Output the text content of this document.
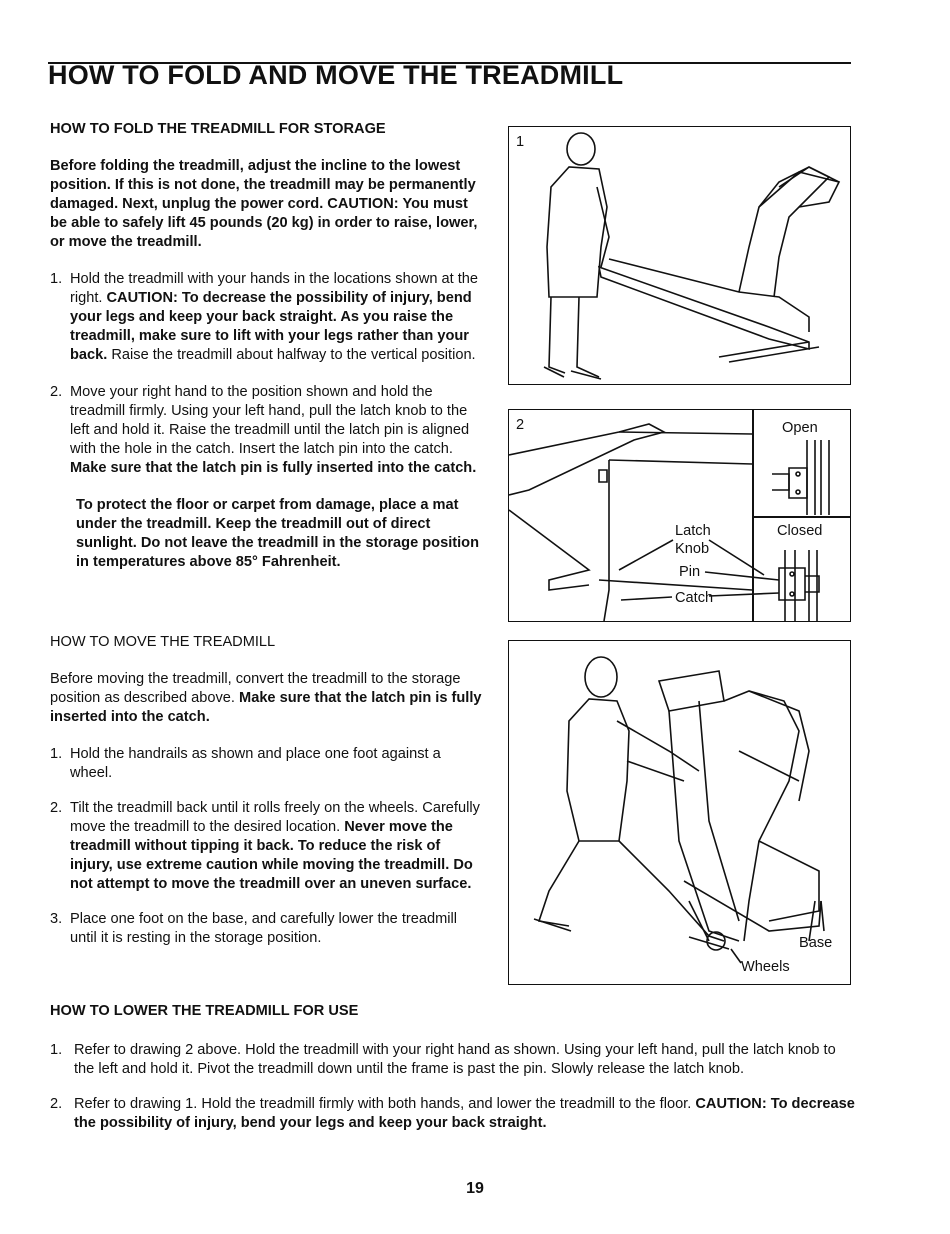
HOW TO FOLD AND MOVE THE TREADMILL

HOW TO FOLD THE TREADMILL FOR STORAGE

Before folding the treadmill, adjust the incline to the lowest position. If this is not done, the treadmill may be permanently damaged. Next, unplug the power cord. CAUTION: You must be able to safely lift 45 pounds (20 kg) in order to raise, lower, or move the treadmill.

1. Hold the treadmill with your hands in the locations shown at the right. CAUTION: To decrease the possibility of injury, bend your legs and keep your back straight. As you raise the treadmill, make sure to lift with your legs rather than your back. Raise the treadmill about halfway to the vertical position.
2. Move your right hand to the position shown and hold the treadmill firmly. Using your left hand, pull the latch knob to the left and hold it. Raise the treadmill until the latch pin is aligned with the hole in the catch. Insert the latch pin into the catch. Make sure that the latch pin is fully inserted into the catch.

To protect the floor or carpet from damage, place a mat under the treadmill. Keep the treadmill out of direct sunlight. Do not leave the treadmill in the storage position in temperatures above 85° Fahrenheit.

HOW TO MOVE THE TREADMILL

Before moving the treadmill, convert the treadmill to the storage position as described above. Make sure that the latch pin is fully inserted into the catch.

1. Hold the handrails as shown and place one foot against a wheel.
2. Tilt the treadmill back until it rolls freely on the wheels. Carefully move the treadmill to the desired location. Never move the treadmill without tipping it back. To reduce the risk of injury, use extreme caution while moving the treadmill. Do not attempt to move the treadmill over an uneven surface.
3. Place one foot on the base, and carefully lower the treadmill until it is resting in the storage position.
1
2	Open
Closed
Latch
Knob
Pin
Catch
Base
Wheels

HOW TO LOWER THE TREADMILL FOR USE

1. Refer to drawing 2 above. Hold the treadmill with your right hand as shown. Using your left hand, pull the latch knob to the left and hold it. Pivot the treadmill down until the frame is past the pin. Slowly release the latch knob.
2. Refer to drawing 1. Hold the treadmill firmly with both hands, and lower the treadmill to the floor. CAUTION: To decrease the possibility of injury, bend your legs and keep your back straight.
19
